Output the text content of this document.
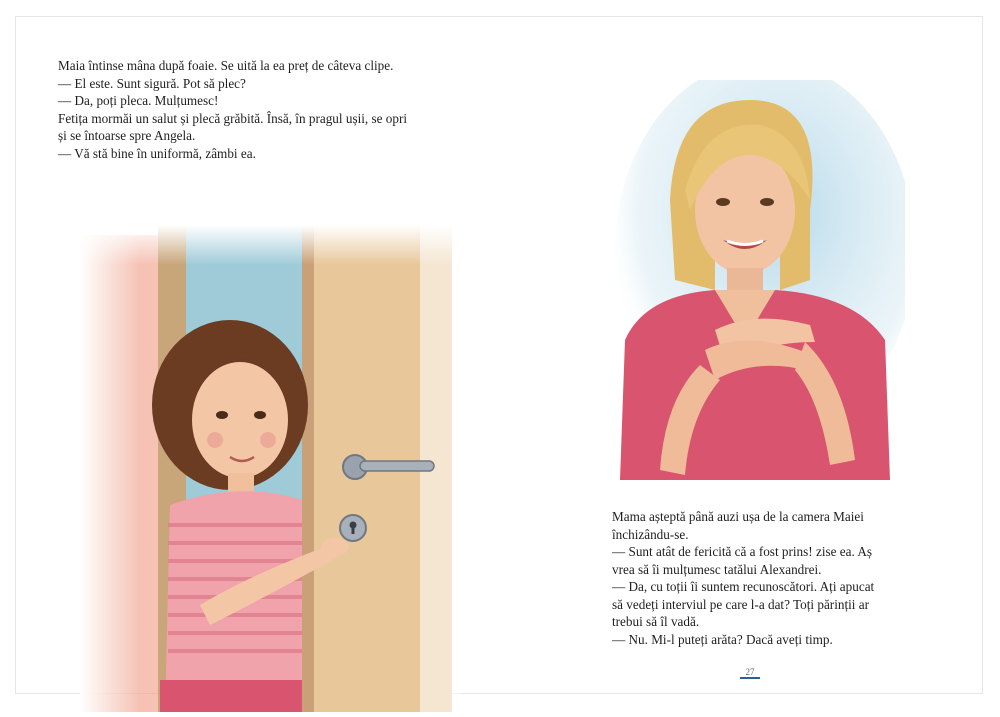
Maia întinse mâna după foaie. Se uită la ea preț de câteva clipe.

— El este. Sunt sigură. Pot să plec?

— Da, poți pleca. Mulțumesc!

Fetița mormăi un salut și plecă grăbită. Însă, în pragul ușii, se opri

și se întoarse spre Angela.

— Vă stă bine în uniformă, zâmbi ea.

Mama așteptă până auzi ușa de la camera Maiei

închizându-se.

— Sunt atât de fericită că a fost prins! zise ea. Aș

vrea să îi mulțumesc tatălui Alexandrei.

— Da, cu toții îi suntem recunoscători. Ați apucat

să vedeți interviul pe care l-a dat? Toți părinții ar

trebui să îl vadă.

— Nu. Mi-l puteți arăta? Dacă aveți timp.

27
